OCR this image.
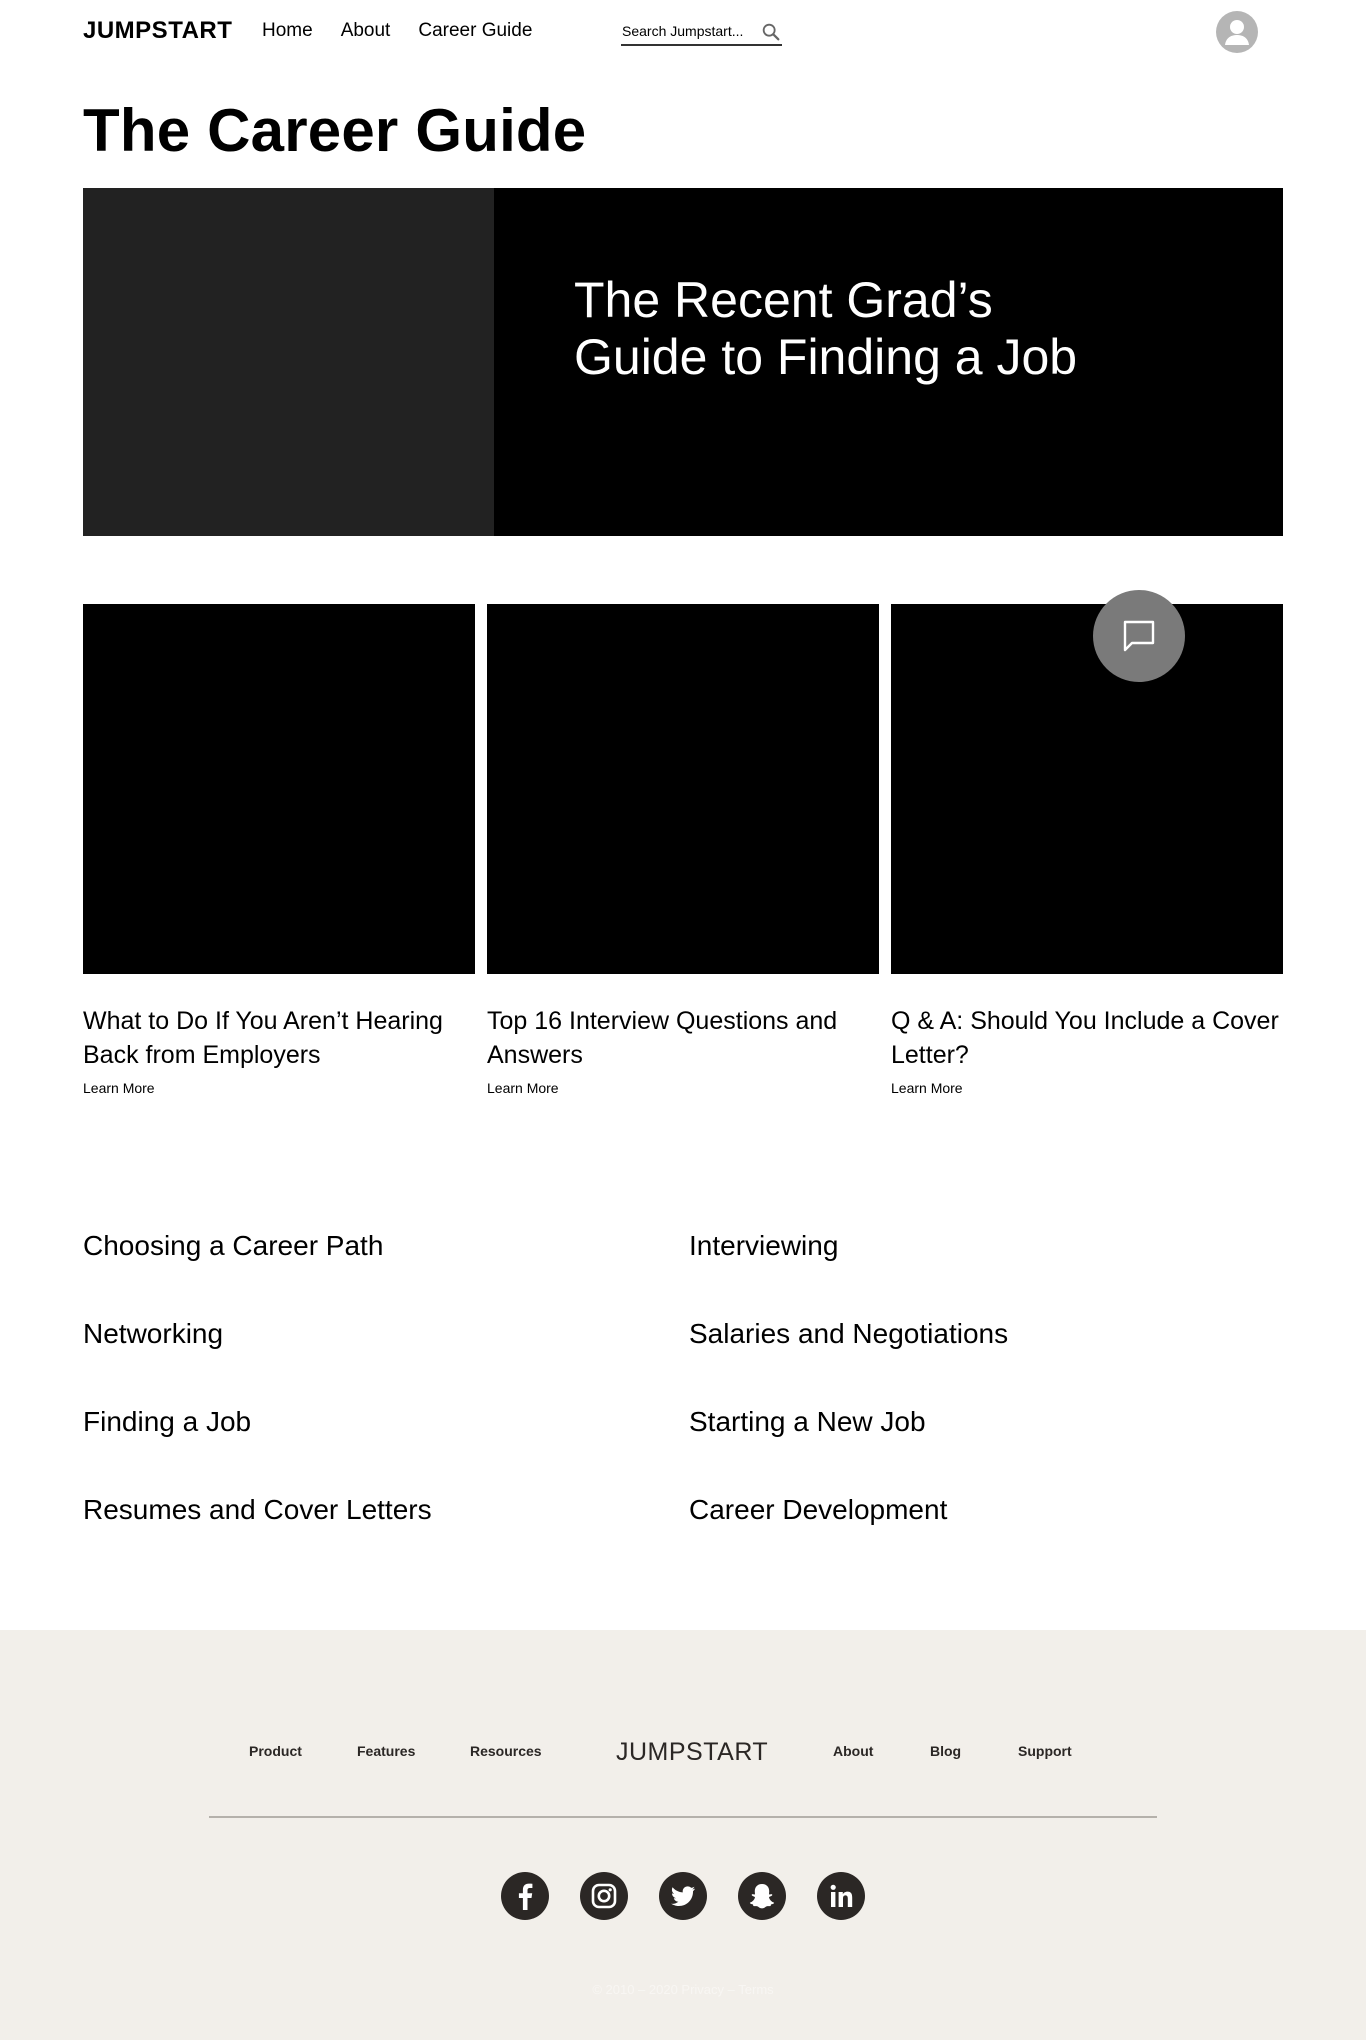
JUMPSTART Home About Career Guide
Search Jumpstart...
The Career Guide
The Recent Grad’s Guide to Finding a Job
What to Do If You Aren’t Hearing Back from Employers
Learn More
Top 16 Interview Questions and Answers
Learn More
Q & A: Should You Include a Cover Letter?
Learn More
Choosing a Career Path
Networking
Finding a Job
Resumes and Cover Letters
Interviewing
Salaries and Negotiations
Starting a New Job
Career Development
Product	Features	Resources	JUMPSTART	About	Blog	Support
© 2010 – 2020 Privacy – Terms
